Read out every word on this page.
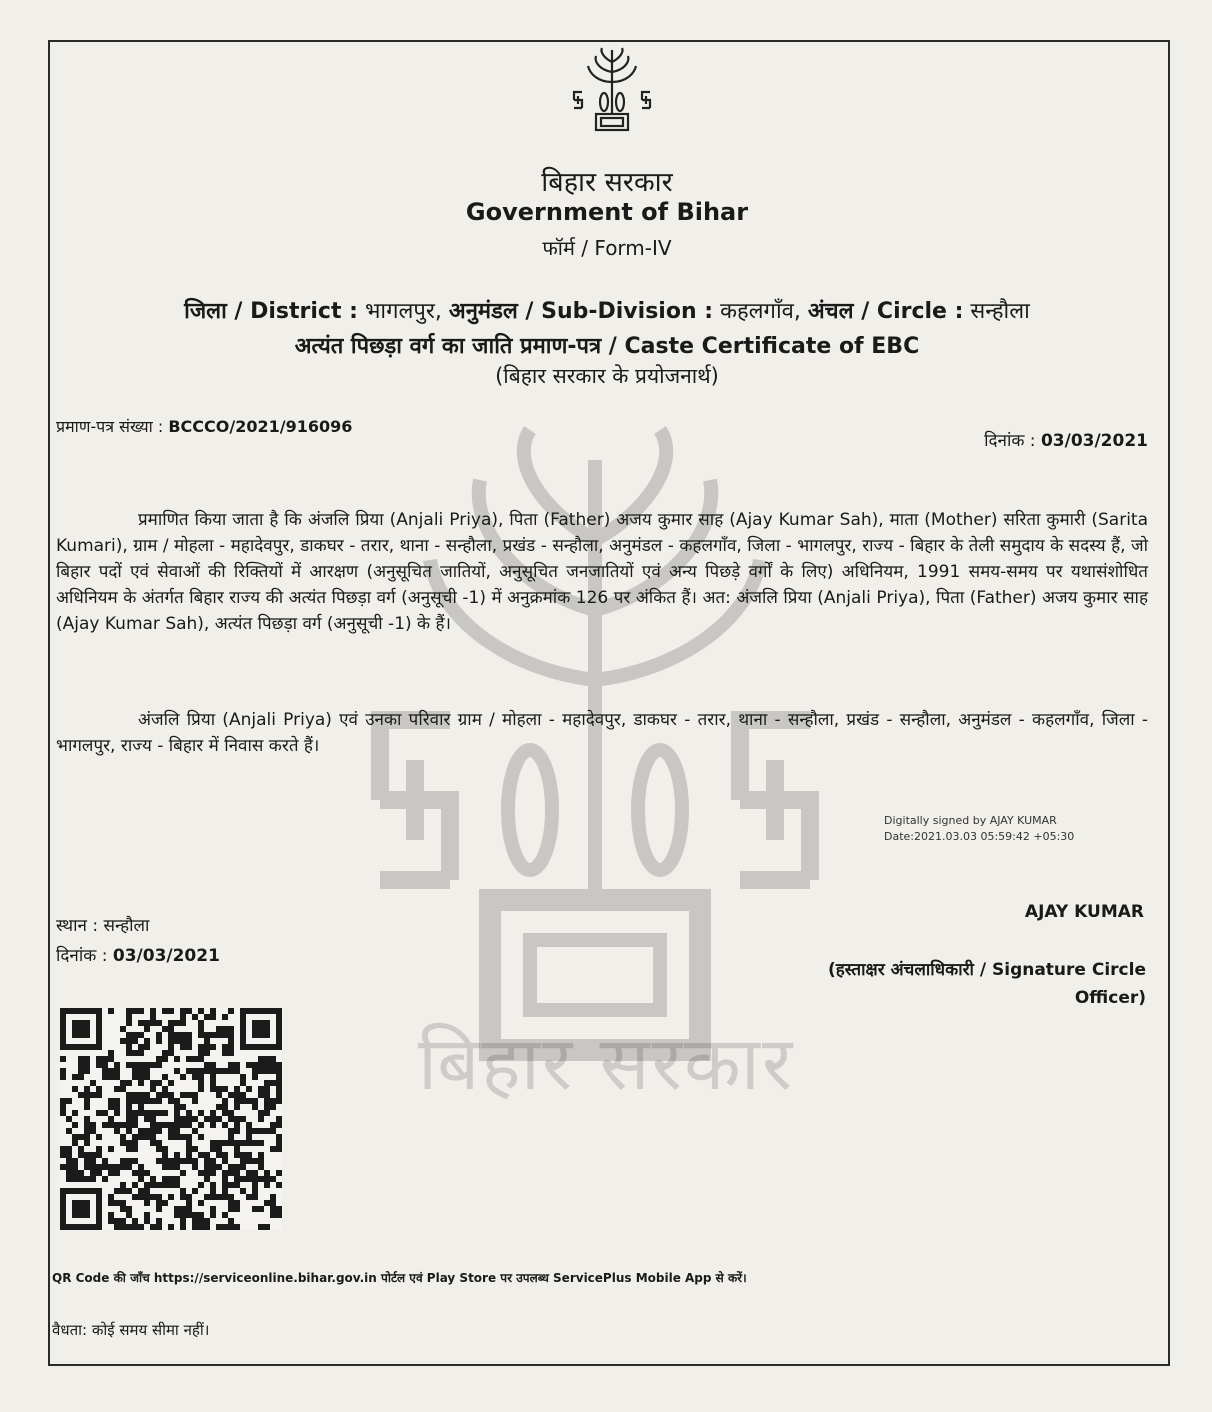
बिहार सरकार
बिहार सरकार
Government of Bihar
फॉर्म / Form-IV
जिला / District : भागलपुर, अनुमंडल / Sub-Division : कहलगाँव, अंचल / Circle : सन्हौला
अत्यंत पिछड़ा वर्ग का जाति प्रमाण-पत्र / Caste Certificate of EBC
(बिहार सरकार के प्रयोजनार्थ)
प्रमाण-पत्र संख्या : BCCCO/2021/916096
दिनांक : 03/03/2021
प्रमाणित किया जाता है कि अंजलि प्रिया (Anjali Priya), पिता (Father) अजय कुमार साह (Ajay Kumar Sah), माता (Mother) सरिता कुमारी (Sarita Kumari), ग्राम / मोहला - महादेवपुर, डाकघर - तरार, थाना - सन्हौला, प्रखंड - सन्हौला, अनुमंडल - कहलगाँव, जिला - भागलपुर, राज्य - बिहार के तेली समुदाय के सदस्य हैं, जो बिहार पदों एवं सेवाओं की रिक्तियों में आरक्षण (अनुसूचित जातियों, अनुसूचित जनजातियों एवं अन्य पिछड़े वर्गों के लिए) अधिनियम, 1991 समय-समय पर यथासंशोधित अधिनियम के अंतर्गत बिहार राज्य की अत्यंत पिछड़ा वर्ग (अनुसूची -1) में अनुक्रमांक 126 पर अंकित हैं। अत: अंजलि प्रिया (Anjali Priya), पिता (Father) अजय कुमार साह (Ajay Kumar Sah), अत्यंत पिछड़ा वर्ग (अनुसूची -1) के हैं।
अंजलि प्रिया (Anjali Priya) एवं उनका परिवार ग्राम / मोहला - महादेवपुर, डाकघर - तरार, थाना - सन्हौला, प्रखंड - सन्हौला, अनुमंडल - कहलगाँव, जिला - भागलपुर, राज्य - बिहार में निवास करते हैं।
Digitally signed by AJAY KUMAR
Date:2021.03.03 05:59:42 +05:30
AJAY KUMAR
(हस्ताक्षर अंचलाधिकारी / Signature Circle Officer)
स्थान : सन्हौला
दिनांक : 03/03/2021
QR Code की जाँच https://serviceonline.bihar.gov.in पोर्टल एवं Play Store पर उपलब्ध ServicePlus Mobile App से करें।
वैधता: कोई समय सीमा नहीं।
